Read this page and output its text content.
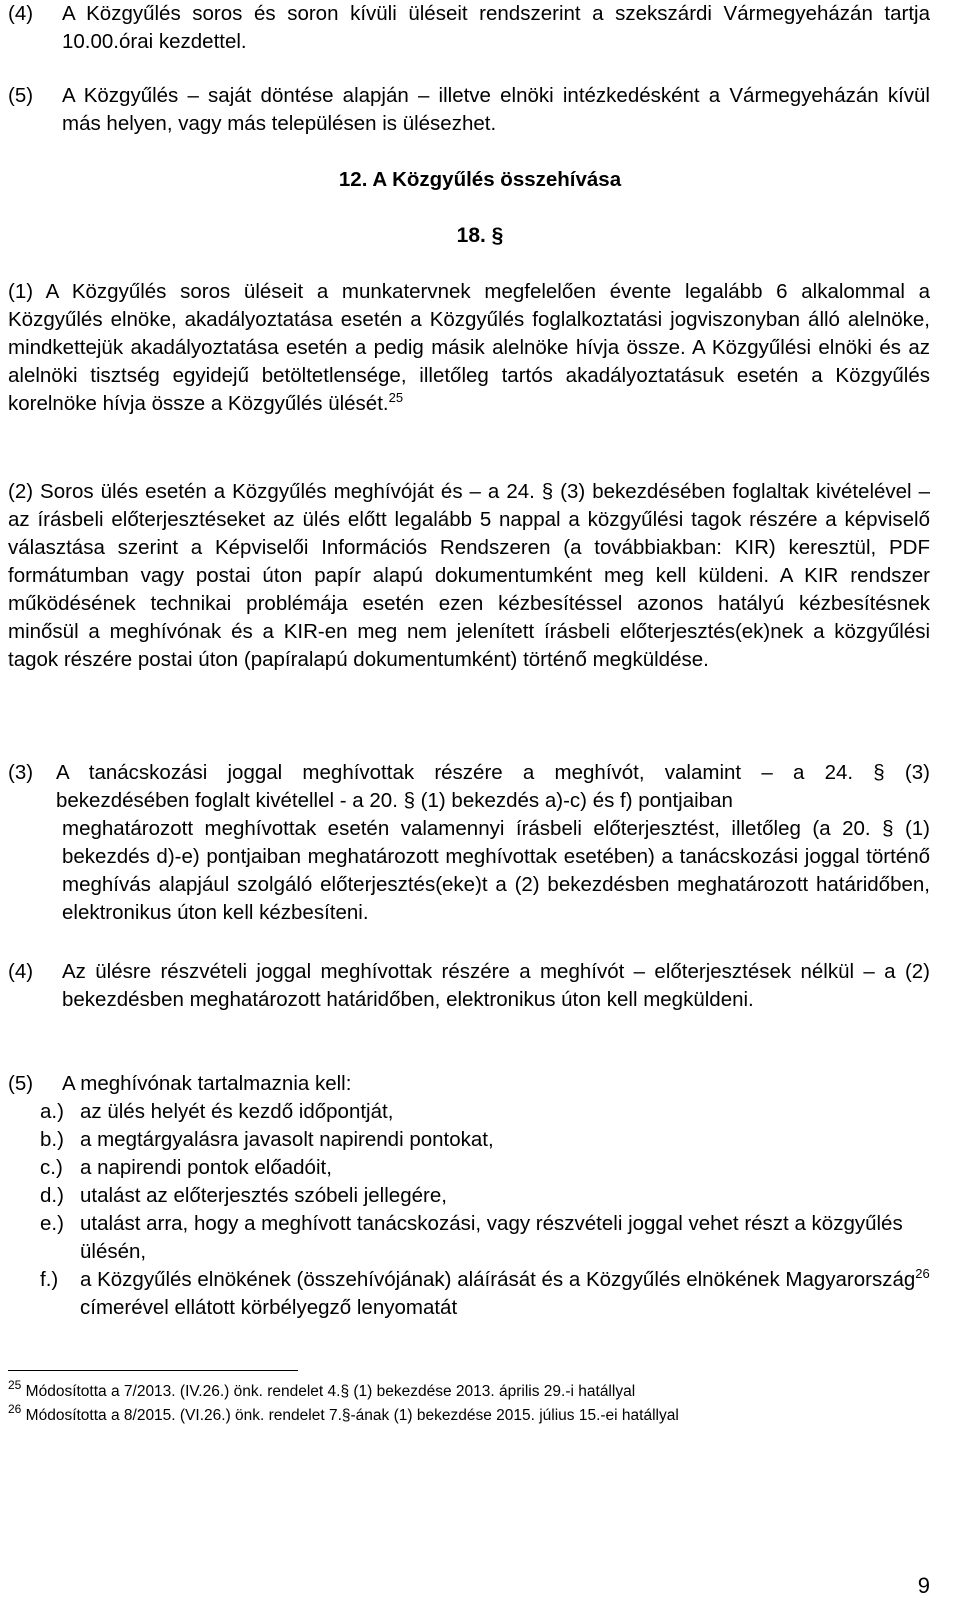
(4) A Közgyűlés soros és soron kívüli üléseit rendszerint a szekszárdi Vármegyeházán tartja 10.00.órai kezdettel.
(5) A Közgyűlés – saját döntése alapján – illetve elnöki intézkedésként a Vármegyeházán kívül más helyen, vagy más településen is ülésezhet.

12. A Közgyűlés összehívása

18. §

(1) A Közgyűlés soros üléseit a munkatervnek megfelelően évente legalább 6 alkalommal a Közgyűlés elnöke, akadályoztatása esetén a Közgyűlés foglalkoztatási jogviszonyban álló alelnöke, mindkettejük akadályoztatása esetén a pedig másik alelnöke hívja össze. A Közgyűlési elnöki és az alelnöki tisztség egyidejű betöltetlensége, illetőleg tartós akadályoztatásuk esetén a Közgyűlés korelnöke hívja össze a Közgyűlés ülését.$^{25}$
(2) Soros ülés esetén a Közgyűlés meghívóját és – a 24. § (3) bekezdésében foglaltak kivételével – az írásbeli előterjesztéseket az ülés előtt legalább 5 nappal a közgyűlési tagok részére a képviselő választása szerint a Képviselői Információs Rendszeren (a továbbiakban: KIR) keresztül, PDF formátumban vagy postai úton papír alapú dokumentumként meg kell küldeni. A KIR rendszer működésének technikai problémája esetén ezen kézbesítéssel azonos hatályú kézbesítésnek minősül a meghívónak és a KIR-en meg nem jelenített írásbeli előterjesztés(ek)nek a közgyűlési tagok részére postai úton (papíralapú dokumentumként) történő megküldése.
(3) A tanácskozási joggal meghívottak részére a meghívót, valamint – a 24. § (3)
bekezdésében foglalt kivétellel - a 20. § (1) bekezdés a)-c) és f) pontjaiban
meghatározott meghívottak esetén valamennyi írásbeli előterjesztést, illetőleg (a 20. § (1) bekezdés d)-e) pontjaiban meghatározott meghívottak esetében) a tanácskozási joggal történő meghívás alapjául szolgáló előterjesztés(eke)t a (2) bekezdésben meghatározott határidőben, elektronikus úton kell kézbesíteni.
(4) Az ülésre részvételi joggal meghívottak részére a meghívót – előterjesztések nélkül – a (2) bekezdésben meghatározott határidőben, elektronikus úton kell megküldeni.
(5) A meghívónak tartalmaznia kell:
a.) az ülés helyét és kezdő időpontját,
b.) a megtárgyalásra javasolt napirendi pontokat,
c.) a napirendi pontok előadóit,
d.) utalást az előterjesztés szóbeli jellegére,
e.) utalást arra, hogy a meghívott tanácskozási, vagy részvételi joggal vehet részt a közgyűlés ülésén,
f.) a Közgyűlés elnökének (összehívójának) aláírását és a Közgyűlés elnökének Magyarország$^{26}$ címerével ellátott körbélyegző lenyomatát

$^{25}$ Módosította a 7/2013. (IV.26.) önk. rendelet 4.§ (1) bekezdése 2013. április 29.-i hatállyal

$^{26}$ Módosította a 8/2015. (VI.26.) önk. rendelet 7.§-ának (1) bekezdése 2015. július 15.-ei hatállyal

9
